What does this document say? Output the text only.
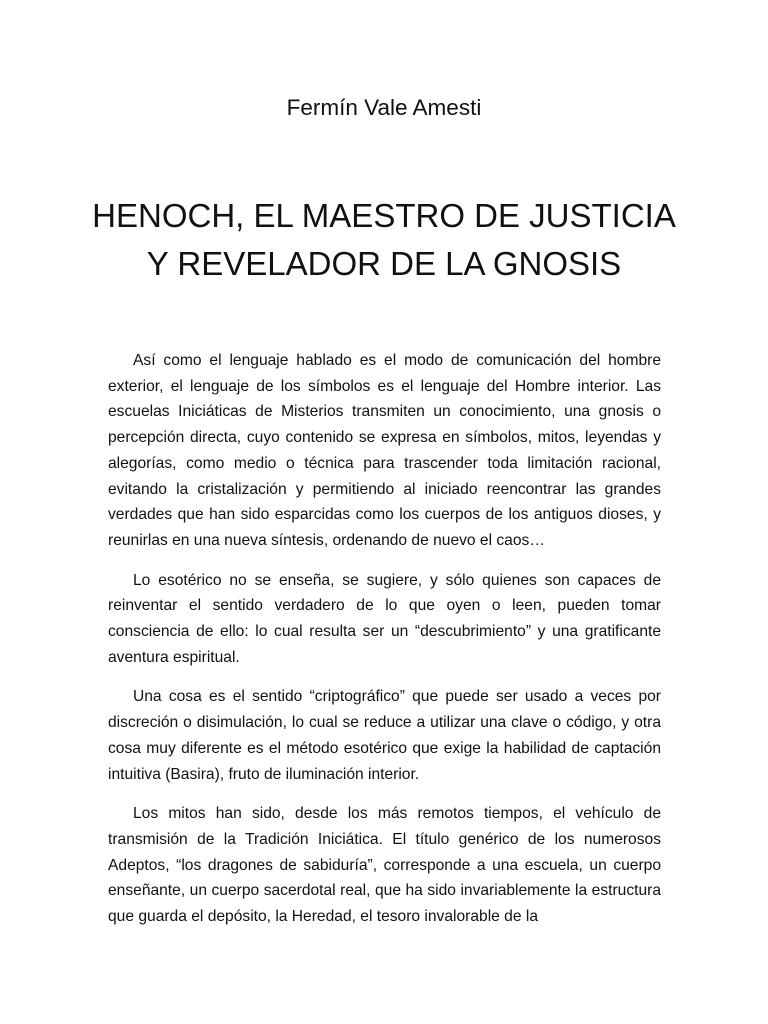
Fermín Vale Amesti
HENOCH, EL MAESTRO DE JUSTICIA
Y REVELADOR DE LA GNOSIS

Así como el lenguaje hablado es el modo de comunicación del hombre exterior, el lenguaje de los símbolos es el lenguaje del Hombre interior. Las escuelas Iniciáticas de Misterios transmiten un conocimiento, una gnosis o percepción directa, cuyo contenido se expresa en símbolos, mitos, leyendas y alegorías, como medio o técnica para trascender toda limitación racional, evitando la cristalización y permitiendo al iniciado reencontrar las grandes verdades que han sido esparcidas como los cuerpos de los antiguos dioses, y reunirlas en una nueva síntesis, ordenando de nuevo el caos…

Lo esotérico no se enseña, se sugiere, y sólo quienes son capaces de reinventar el sentido verdadero de lo que oyen o leen, pueden tomar consciencia de ello: lo cual resulta ser un “descubrimiento” y una gratificante aventura espiritual.

Una cosa es el sentido “criptográfico” que puede ser usado a veces por discreción o disimulación, lo cual se reduce a utilizar una clave o código, y otra cosa muy diferente es el método esotérico que exige la habilidad de captación intuitiva (Basira), fruto de iluminación interior.

Los mitos han sido, desde los más remotos tiempos, el vehículo de transmisión de la Tradición Iniciática. El título genérico de los numerosos Adeptos, “los dragones de sabiduría”, corresponde a una escuela, un cuerpo enseñante, un cuerpo sacerdotal real, que ha sido invariablemente la estructura que guarda el depósito, la Heredad, el tesoro invalorable de la
